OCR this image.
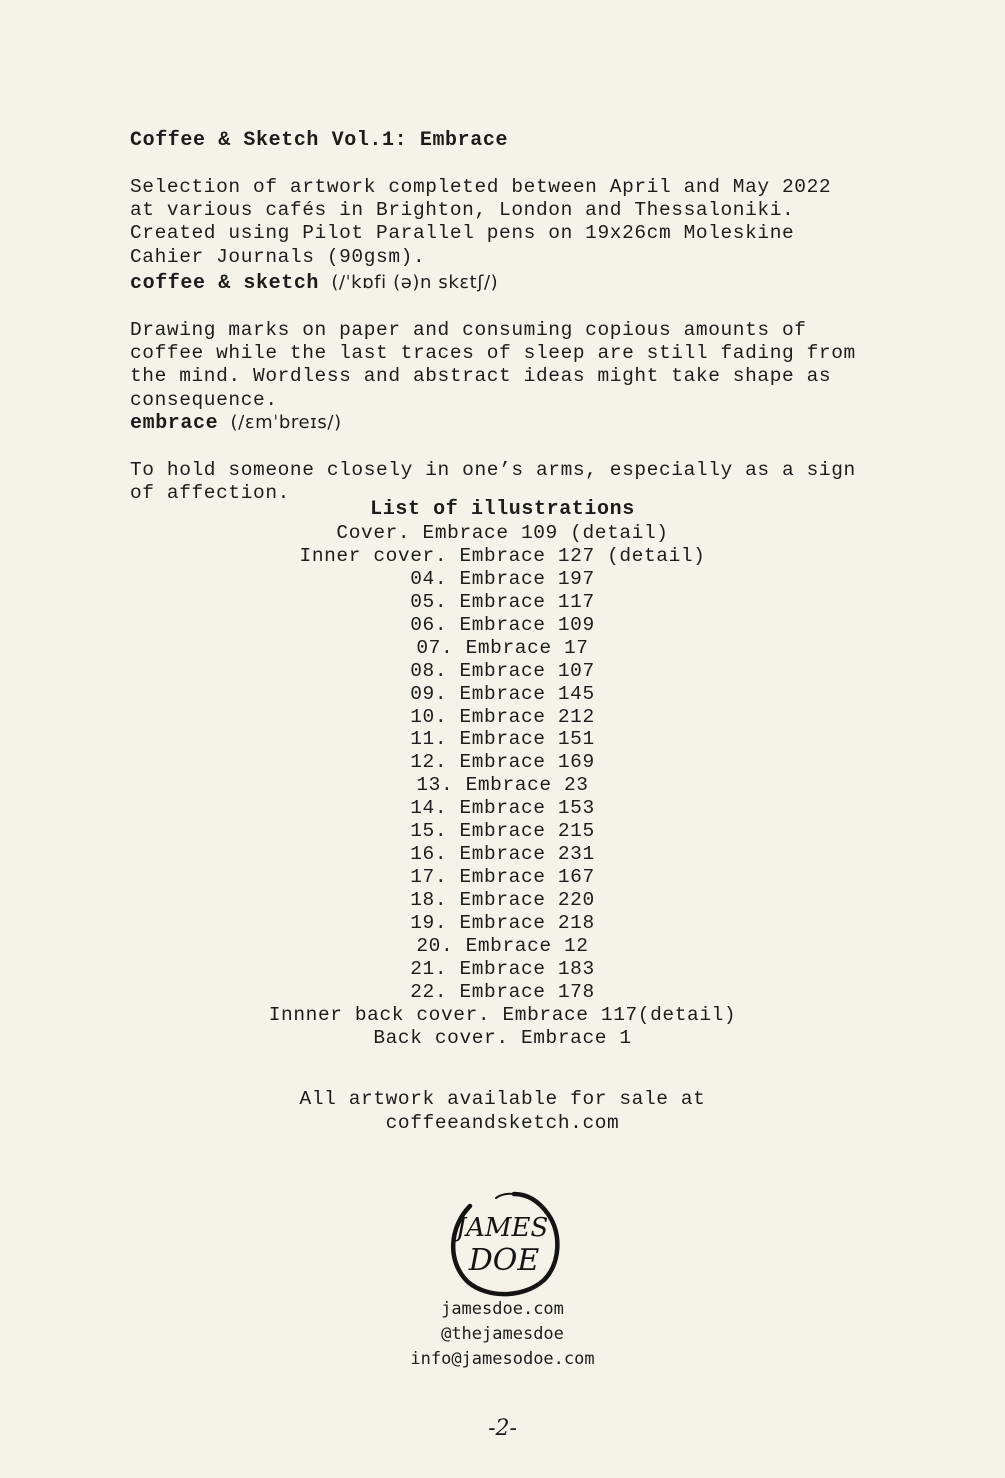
Coffee & Sketch Vol.1: Embrace

Selection of artwork completed between April and May 2022
at various cafés in Brighton, London and Thessaloniki.
Created using Pilot Parallel pens on 19x26cm Moleskine
Cahier Journals (90gsm).

coffee & sketch (/ˈkɒfi (ə)n skɛtʃ/)

Drawing marks on paper and consuming copious amounts of
coffee while the last traces of sleep are still fading from
the mind. Wordless and abstract ideas might take shape as
consequence.

embrace (/ɛmˈbreɪs/)

To hold someone closely in one’s arms, especially as a sign
of affection.

List of illustrations
Cover. Embrace 109 (detail)
Inner cover. Embrace 127 (detail)
04. Embrace 197
05. Embrace 117
06. Embrace 109
07. Embrace 17
08. Embrace 107
09. Embrace 145
10. Embrace 212
11. Embrace 151
12. Embrace 169
13. Embrace 23
14. Embrace 153
15. Embrace 215
16. Embrace 231
17. Embrace 167
18. Embrace 220
19. Embrace 218
20. Embrace 12
21. Embrace 183
22. Embrace 178
Innner back cover. Embrace 117(detail)
Back cover. Embrace 1
All artwork available for sale at
coffeeandsketch.com
JAMES
DOE
jamesdoe.com
@thejamesdoe
info@jamesodoe.com
-2-
